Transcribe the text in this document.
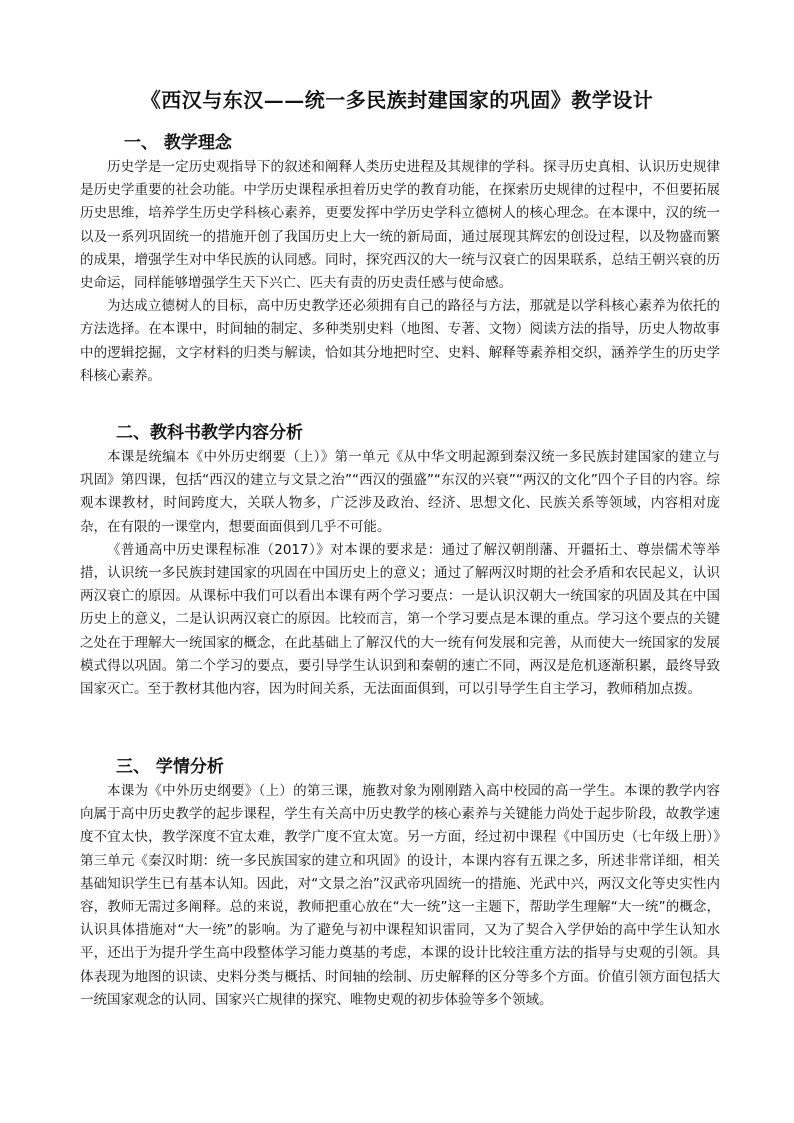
《西汉与东汉——统一多民族封建国家的巩固》教学设计
一、 教学理念

历史学是一定历史观指导下的叙述和阐释人类历史进程及其规律的学科。探寻历史真相、认识历史规律是历史学重要的社会功能。中学历史课程承担着历史学的教育功能，在探索历史规律的过程中，不但要拓展历史思维，培养学生历史学科核心素养，更要发挥中学历史学科立德树人的核心理念。在本课中，汉的统一以及一系列巩固统一的措施开创了我国历史上大一统的新局面，通过展现其辉宏的创设过程，以及物盛而繁的成果，增强学生对中华民族的认同感。同时，探究西汉的大一统与汉衰亡的因果联系，总结王朝兴衰的历史命运，同样能够增强学生天下兴亡、匹夫有责的历史责任感与使命感。

为达成立德树人的目标，高中历史教学还必须拥有自己的路径与方法，那就是以学科核心素养为依托的方法选择。在本课中，时间轴的制定、多种类别史料（地图、专著、文物）阅读方法的指导，历史人物故事中的逻辑挖掘，文字材料的归类与解读，恰如其分地把时空、史料、解释等素养相交织，涵养学生的历史学科核心素养。

二、教科书教学内容分析

本课是统编本《中外历史纲要（上）》第一单元《从中华文明起源到秦汉统一多民族封建国家的建立与巩固》第四课，包括“西汉的建立与文景之治”“西汉的强盛”“东汉的兴衰”“两汉的文化”四个子目的内容。综观本课教材，时间跨度大，关联人物多，广泛涉及政治、经济、思想文化、民族关系等领域，内容相对庞杂，在有限的一课堂内，想要面面俱到几乎不可能。

《普通高中历史课程标准（2017）》对本课的要求是：通过了解汉朝削藩、开疆拓土、尊崇儒术等举措，认识统一多民族封建国家的巩固在中国历史上的意义；通过了解两汉时期的社会矛盾和农民起义，认识两汉衰亡的原因。从课标中我们可以看出本课有两个学习要点：一是认识汉朝大一统国家的巩固及其在中国历史上的意义，二是认识两汉衰亡的原因。比较而言，第一个学习要点是本课的重点。学习这个要点的关键之处在于理解大一统国家的概念，在此基础上了解汉代的大一统有何发展和完善，从而使大一统国家的发展模式得以巩固。第二个学习的要点，要引导学生认识到和秦朝的速亡不同，两汉是危机逐渐积累，最终导致国家灭亡。至于教材其他内容，因为时间关系，无法面面俱到，可以引导学生自主学习，教师稍加点拨。

三、 学情分析

本课为《中外历史纲要》（上）的第三课，施教对象为刚刚踏入高中校园的高一学生。本课的教学内容向属于高中历史教学的起步课程，学生有关高中历史教学的核心素养与关键能力尚处于起步阶段，故教学速度不宜太快，教学深度不宜太难，教学广度不宜太宽。另一方面，经过初中课程《中国历史（七年级上册）》第三单元《秦汉时期：统一多民族国家的建立和巩固》的设计，本课内容有五课之多，所述非常详细，相关基础知识学生已有基本认知。因此，对“文景之治”汉武帝巩固统一的措施、光武中兴，两汉文化等史实性内容，教师无需过多阐释。总的来说，教师把重心放在“大一统”这一主题下，帮助学生理解“大一统”的概念，认识具体措施对“大一统”的影响。为了避免与初中课程知识雷同，又为了契合入学伊始的高中学生认知水平，还出于为提升学生高中段整体学习能力奠基的考虑，本课的设计比较注重方法的指导与史观的引领。具体表现为地图的识读、史料分类与概括、时间轴的绘制、历史解释的区分等多个方面。价值引领方面包括大一统国家观念的认同、国家兴亡规律的探究、唯物史观的初步体验等多个领域。
